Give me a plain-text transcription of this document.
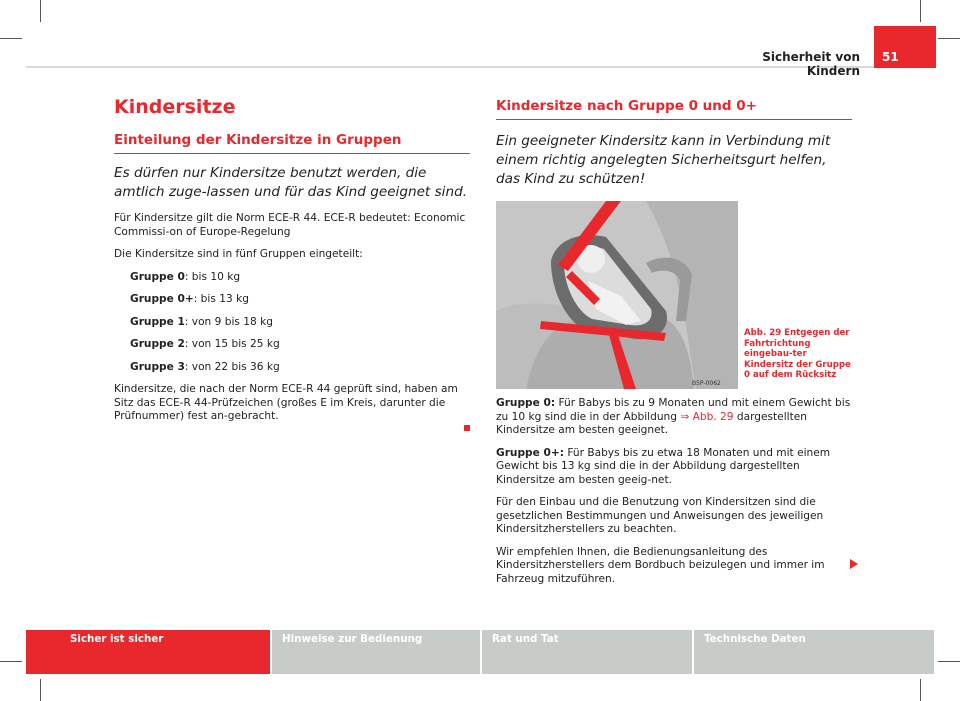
Sicherheit von Kindern
51
Kindersitze
Einteilung der Kindersitze in Gruppen

Es dürfen nur Kindersitze benutzt werden, die amtlich zuge-lassen und für das Kind geeignet sind.

Für Kindersitze gilt die Norm ECE-R 44. ECE-R bedeutet: Economic Commissi-on of Europe-Regelung

Die Kindersitze sind in fünf Gruppen eingeteilt:

Gruppe 0: bis 10 kg
Gruppe 0+: bis 13 kg
Gruppe 1: von 9 bis 18 kg
Gruppe 2: von 15 bis 25 kg
Gruppe 3: von 22 bis 36 kg

Kindersitze, die nach der Norm ECE-R 44 geprüft sind, haben am Sitz das ECE-R 44-Prüfzeichen (großes E im Kreis, darunter die Prüfnummer) fest an-gebracht.

Kindersitze nach Gruppe 0 und 0+

Ein geeigneter Kindersitz kann in Verbindung mit einem richtig angelegten Sicherheitsgurt helfen, das Kind zu schützen!

B5P-0062

Gruppe 0: Für Babys bis zu 9 Monaten und mit einem Gewicht bis zu 10 kg sind die in der Abbildung ⇒ Abb. 29 dargestellten Kindersitze am besten geeignet.

Gruppe 0+: Für Babys bis zu etwa 18 Monaten und mit einem Gewicht bis 13 kg sind die in der Abbildung dargestellten Kindersitze am besten geeig-net.

Für den Einbau und die Benutzung von Kindersitzen sind die gesetzlichen Bestimmungen und Anweisungen des jeweiligen Kindersitzherstellers zu beachten.

Wir empfehlen Ihnen, die Bedienungsanleitung des Kindersitzherstellers dem Bordbuch beizulegen und immer im Fahrzeug mitzuführen.

Abb. 29 Entgegen der Fahrtrichtung eingebau-ter Kindersitz der Gruppe 0 auf dem Rücksitz
Sicher ist sicher	Hinweise zur Bedienung	Rat und Tat	Technische Daten
